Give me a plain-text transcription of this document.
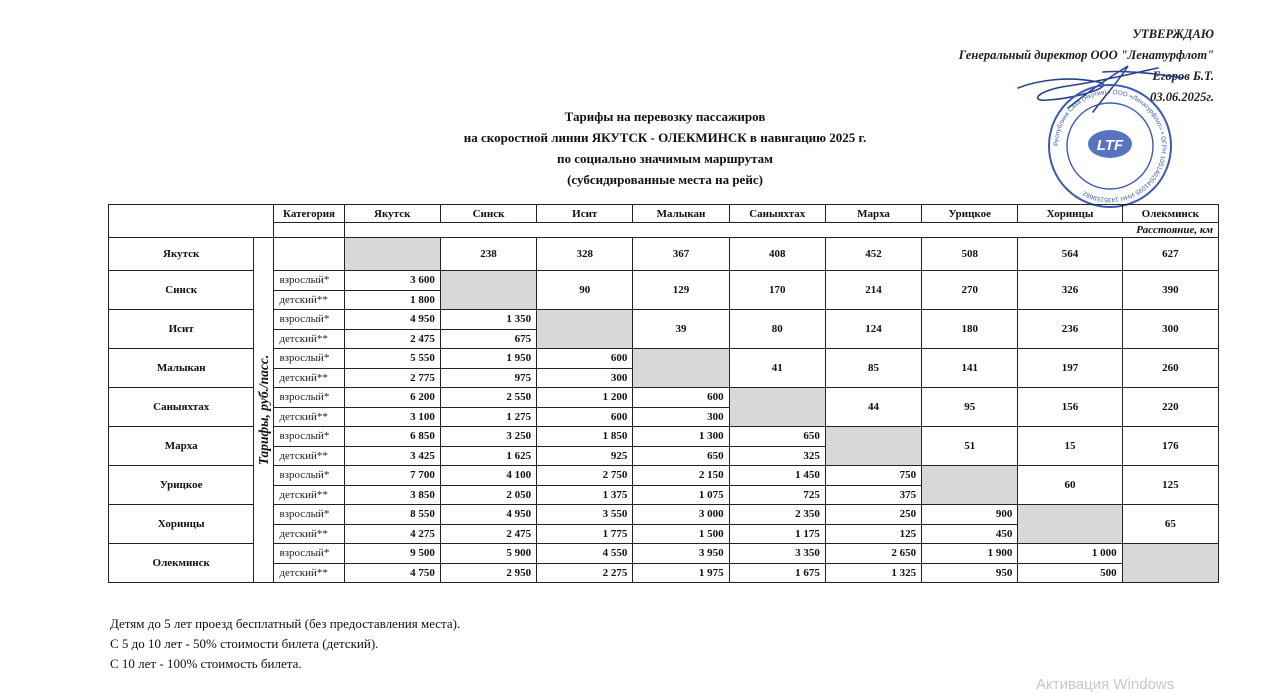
УТВЕРЖДАЮ
Генеральный директор ООО "Ленатурфлот"
Егоров Б.Т.
03.06.2025г.
Республика Саха (Якутия) • ООО «Ленатурфлот» • ОГРН 1051402041095 ИНН 1435159682
LTF
Тарифы на перевозку пассажиров
на скоростной линии ЯКУТСК - ОЛЕКМИНСК в навигацию 2025 г.
по социально значимым маршрутам
(субсидированные места на рейс)
		Категория	Якутск	Синск	Исит	Малыкан	Саныяхтах	Марха	Урицкое	Хоринцы	Олекминск
			Расстояние, км								
Якутск	Тарифы, руб./пасс.			238	328	367	408	452	508	564	627
Синск		взрослый*	3 600		90	129	170	214	270	326	390
		детский**	1 800								
Исит		взрослый*	4 950	1 350		39	80	124	180	236	300
		детский**	2 475	675							
Малыкан		взрослый*	5 550	1 950	600		41	85	141	197	260
		детский**	2 775	975	300						
Саныяхтах		взрослый*	6 200	2 550	1 200	600		44	95	156	220
		детский**	3 100	1 275	600	300					
Марха		взрослый*	6 850	3 250	1 850	1 300	650		51	15	176
		детский**	3 425	1 625	925	650	325				
Урицкое		взрослый*	7 700	4 100	2 750	2 150	1 450	750		60	125
		детский**	3 850	2 050	1 375	1 075	725	375			
Хоринцы		взрослый*	8 550	4 950	3 550	3 000	2 350	250	900		65
		детский**	4 275	2 475	1 775	1 500	1 175	125	450		
Олекминск		взрослый*	9 500	5 900	4 550	3 950	3 350	2 650	1 900	1 000	
		детский**	4 750	2 950	2 275	1 975	1 675	1 325	950	500	
Детям до 5 лет проезд бесплатный (без предоставления места).
С 5 до 10 лет - 50% стоимости билета (детский).
С 10 лет - 100% стоимость билета.
Активация Windows
